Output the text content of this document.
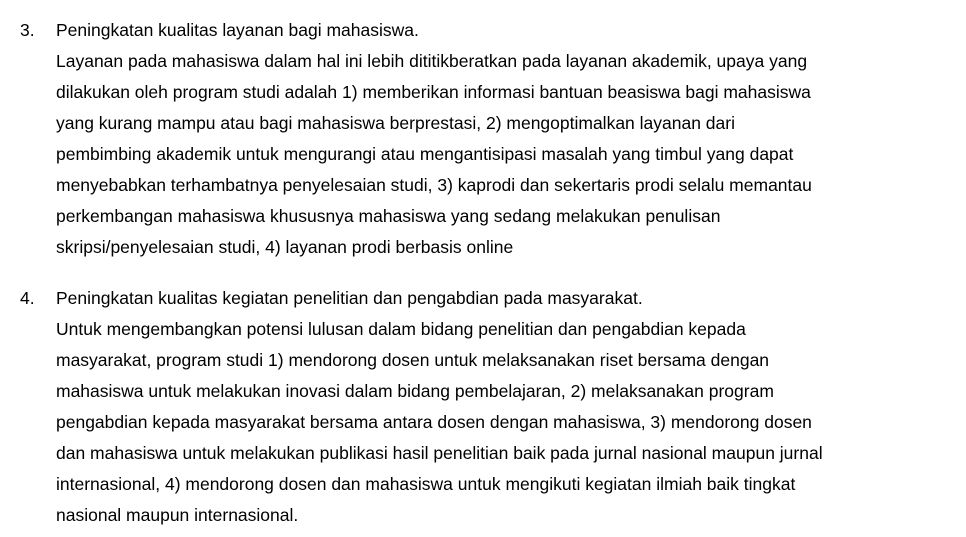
3. Peningkatan kualitas layanan bagi mahasiswa.
Layanan pada mahasiswa dalam hal ini lebih dititikberatkan pada layanan akademik, upaya yang
dilakukan oleh program studi adalah 1) memberikan informasi bantuan beasiswa bagi mahasiswa
yang kurang mampu atau bagi mahasiswa berprestasi, 2) mengoptimalkan layanan dari
pembimbing akademik untuk mengurangi atau mengantisipasi masalah yang timbul yang dapat
menyebabkan terhambatnya penyelesaian studi, 3) kaprodi dan sekertaris prodi selalu memantau
perkembangan mahasiswa khususnya mahasiswa yang sedang melakukan penulisan
skripsi/penyelesaian studi, 4) layanan prodi berbasis online
4. Peningkatan kualitas kegiatan penelitian dan pengabdian pada masyarakat.
Untuk mengembangkan potensi lulusan dalam bidang penelitian dan pengabdian kepada
masyarakat, program studi 1) mendorong dosen untuk melaksanakan riset bersama dengan
mahasiswa untuk melakukan inovasi dalam bidang pembelajaran, 2) melaksanakan program
pengabdian kepada masyarakat bersama antara dosen dengan mahasiswa, 3) mendorong dosen
dan mahasiswa untuk melakukan publikasi hasil penelitian baik pada jurnal nasional maupun jurnal
internasional, 4) mendorong dosen dan mahasiswa untuk mengikuti kegiatan ilmiah baik tingkat
nasional maupun internasional.
